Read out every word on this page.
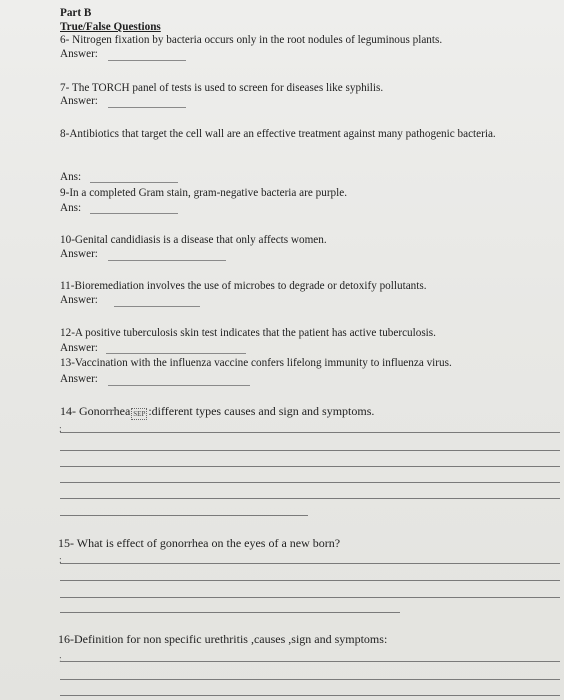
Part B
True/False Questions
6- Nitrogen fixation by bacteria occurs only in the root nodules of leguminous plants.
Answer:
7- The TORCH panel of tests is used to screen for diseases like syphilis.
Answer:
8-Antibiotics that target the cell wall are an effective treatment against many pathogenic bacteria.
Ans:
9-In a completed Gram stain, gram-negative bacteria are purple.
Ans:
10-Genital candidiasis is a disease that only affects women.
Answer:
11-Bioremediation involves the use of microbes to degrade or detoxify pollutants.
Answer:
12-A positive tuberculosis skin test indicates that the patient has active tuberculosis.
Answer:
13-Vaccination with the influenza vaccine confers lifelong immunity to influenza virus.
Answer:
14- Gonorrhea SEP :different types causes and sign and symptoms.
:
15- What is effect of gonorrhea on the eyes of a new born?
:
16-Definition for non specific urethritis ,causes ,sign and symptoms:
:
